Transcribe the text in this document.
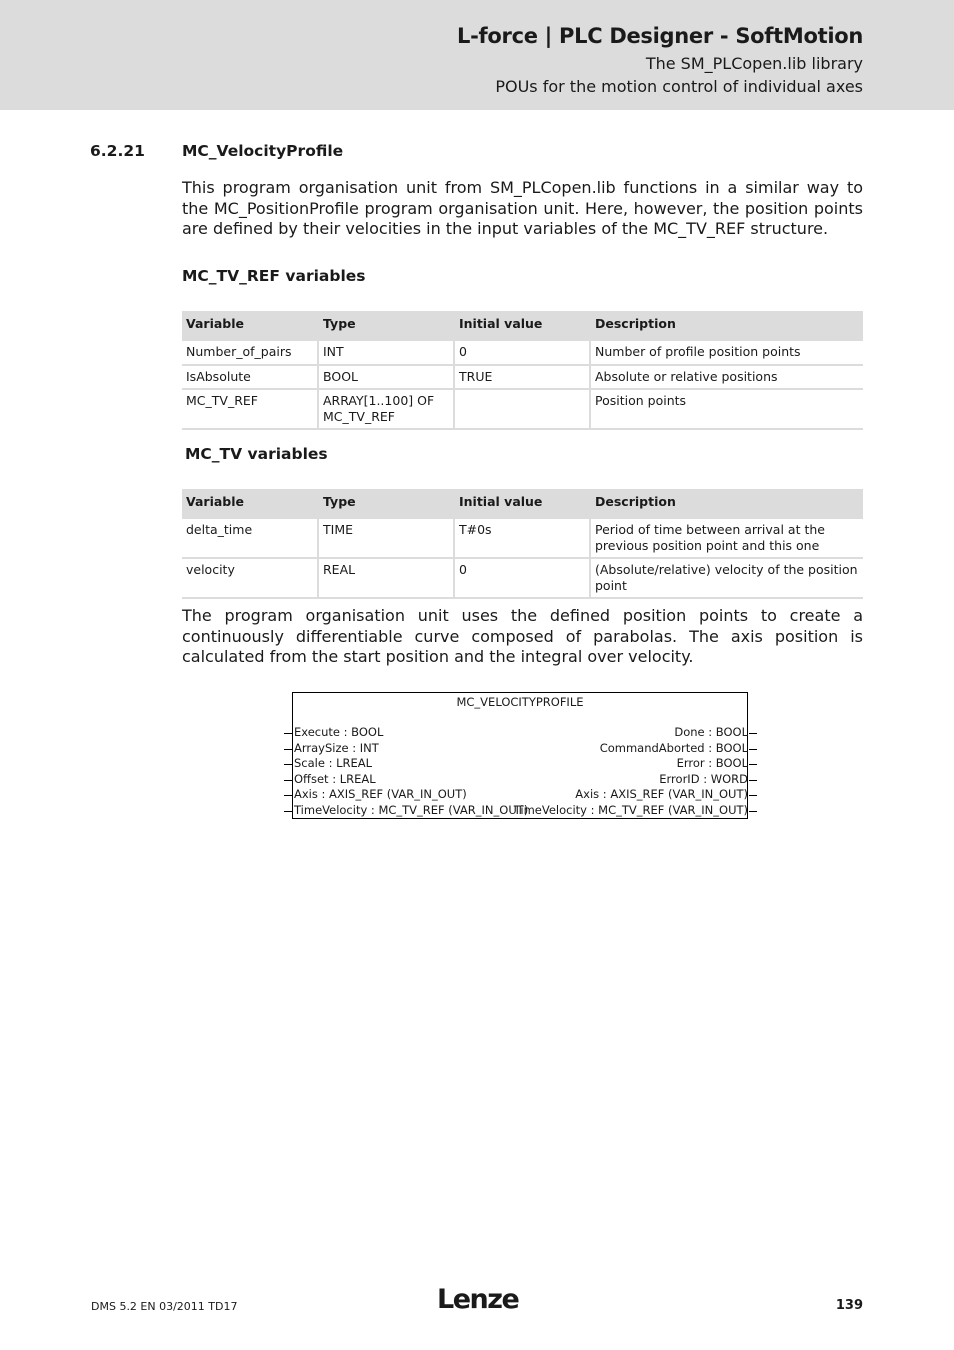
L-force | PLC Designer - SoftMotion
The SM_PLCopen.lib library
POUs for the motion control of individual axes
6.2.21 MC_VelocityProfile
This program organisation unit from SM_PLCopen.lib functions in a similar way to the MC_PositionProfile program organisation unit. Here, however, the position points are defined by their velocities in the input variables of the MC_TV_REF structure.
MC_TV_REF variables
Variable	Type	Initial value	Description
Number_of_pairs	INT	0	Number of profile position points
IsAbsolute	BOOL	TRUE	Absolute or relative positions
MC_TV_REF	ARRAY[1..100] OF MC_TV_REF		Position points
MC_TV variables
Variable	Type	Initial value	Description
delta_time	TIME	T#0s	Period of time between arrival at the previous position point and this one
velocity	REAL	0	(Absolute/relative) velocity of the position point
The program organisation unit uses the defined position points to create a continuously differentiable curve composed of parabolas. The axis position is calculated from the start position and the integral over velocity.
MC_VELOCITYPROFILE
Execute : BOOL
ArraySize : INT
Scale : LREAL
Offset : LREAL
Axis : AXIS_REF (VAR_IN_OUT)
TimeVelocity : MC_TV_REF (VAR_IN_OUT)
Done : BOOL
CommandAborted : BOOL
Error : BOOL
ErrorID : WORD
Axis : AXIS_REF (VAR_IN_OUT)
TimeVelocity : MC_TV_REF (VAR_IN_OUT)
DMS 5.2 EN 03/2011 TD17	Lenze	139
